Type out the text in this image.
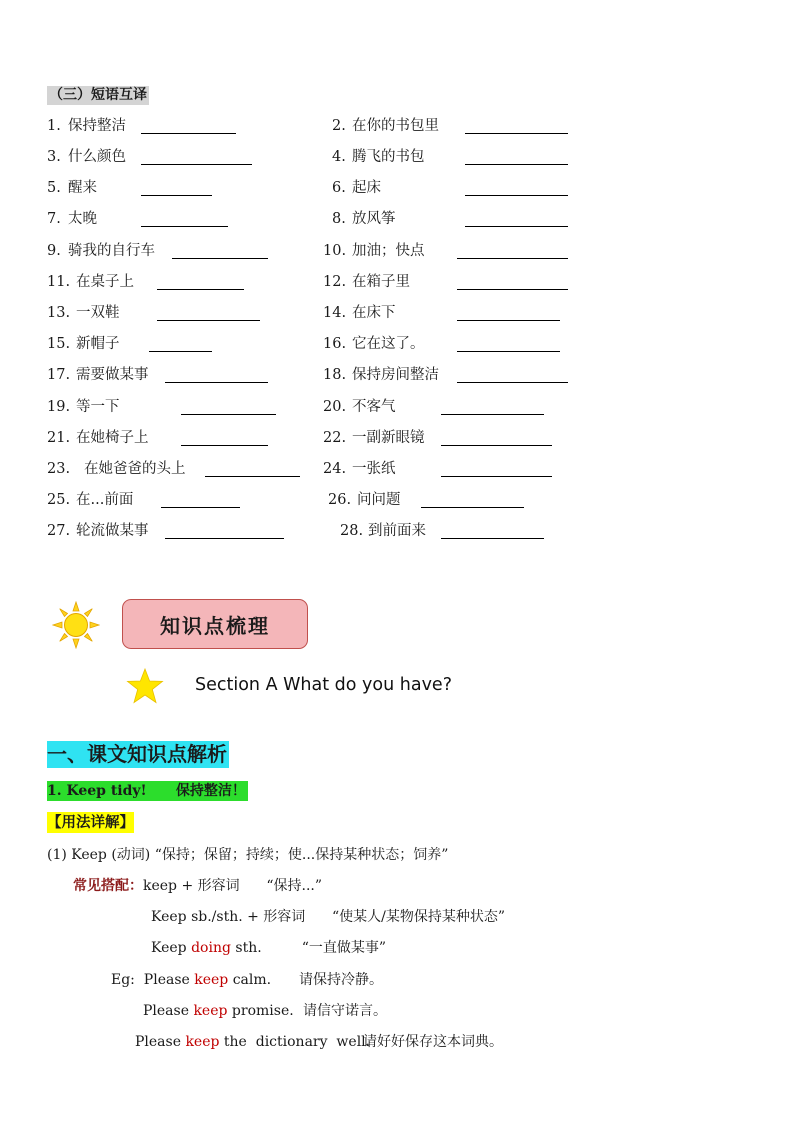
（三）短语互译
1. 保持整洁	2. 在你的书包里
3. 什么颜色	4. 腾飞的书包
5. 醒来	6. 起床
7. 太晚	8. 放风筝
9. 骑我的自行车	10. 加油；快点
11. 在桌子上	12. 在箱子里
13. 一双鞋	14. 在床下
15. 新帽子	16. 它在这了。
17. 需要做某事	18. 保持房间整洁
19. 等一下	20. 不客气
21. 在她椅子上	22. 一副新眼镜
23. 在她爸爸的头上	24. 一张纸
25. 在...前面	26. 问问题
27. 轮流做某事	28. 到前面来
知识点梳理
Section A What do you have?
一、课文知识点解析
1. Keep tidy!      保持整洁！
【用法详解】
(1) Keep (动词) “保持；保留；持续；使...保持某种状态；饲养”
常见搭配：keep + 形容词      “保持...”
Keep sb./sth. + 形容词      “使某人/某物保持某种状态”
Keep doing sth.         “一直做某事”
Eg:  Please keep calm. 请保持冷静。
Please keep promise. 请信守诺言。
Please keep the  dictionary  well.
请好好保存这本词典。
